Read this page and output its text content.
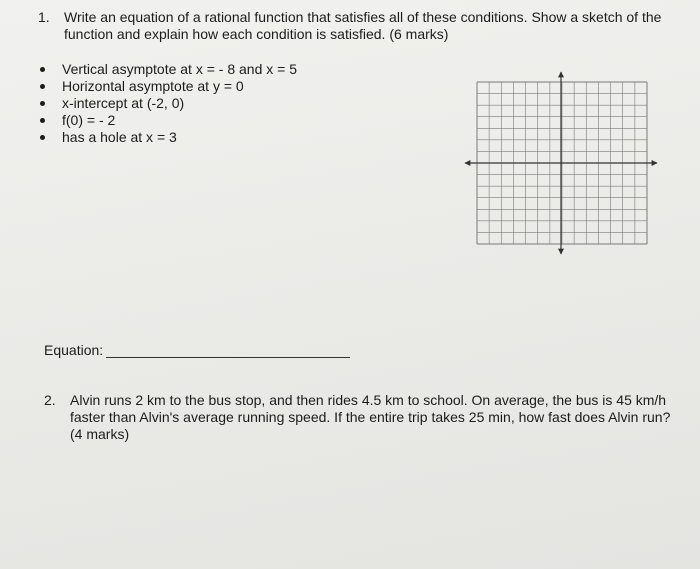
1. Write an equation of a rational function that satisfies all of these conditions. Show a sketch of the function and explain how each condition is satisfied. (6 marks)
Vertical asymptote at x = - 8 and x = 5
Horizontal asymptote at y = 0
x-intercept at (-2, 0)
f(0) = - 2
has a hole at x = 3
Equation:
2. Alvin runs 2 km to the bus stop, and then rides 4.5 km to school. On average, the bus is 45 km/h faster than Alvin's average running speed. If the entire trip takes 25 min, how fast does Alvin run? (4 marks)
